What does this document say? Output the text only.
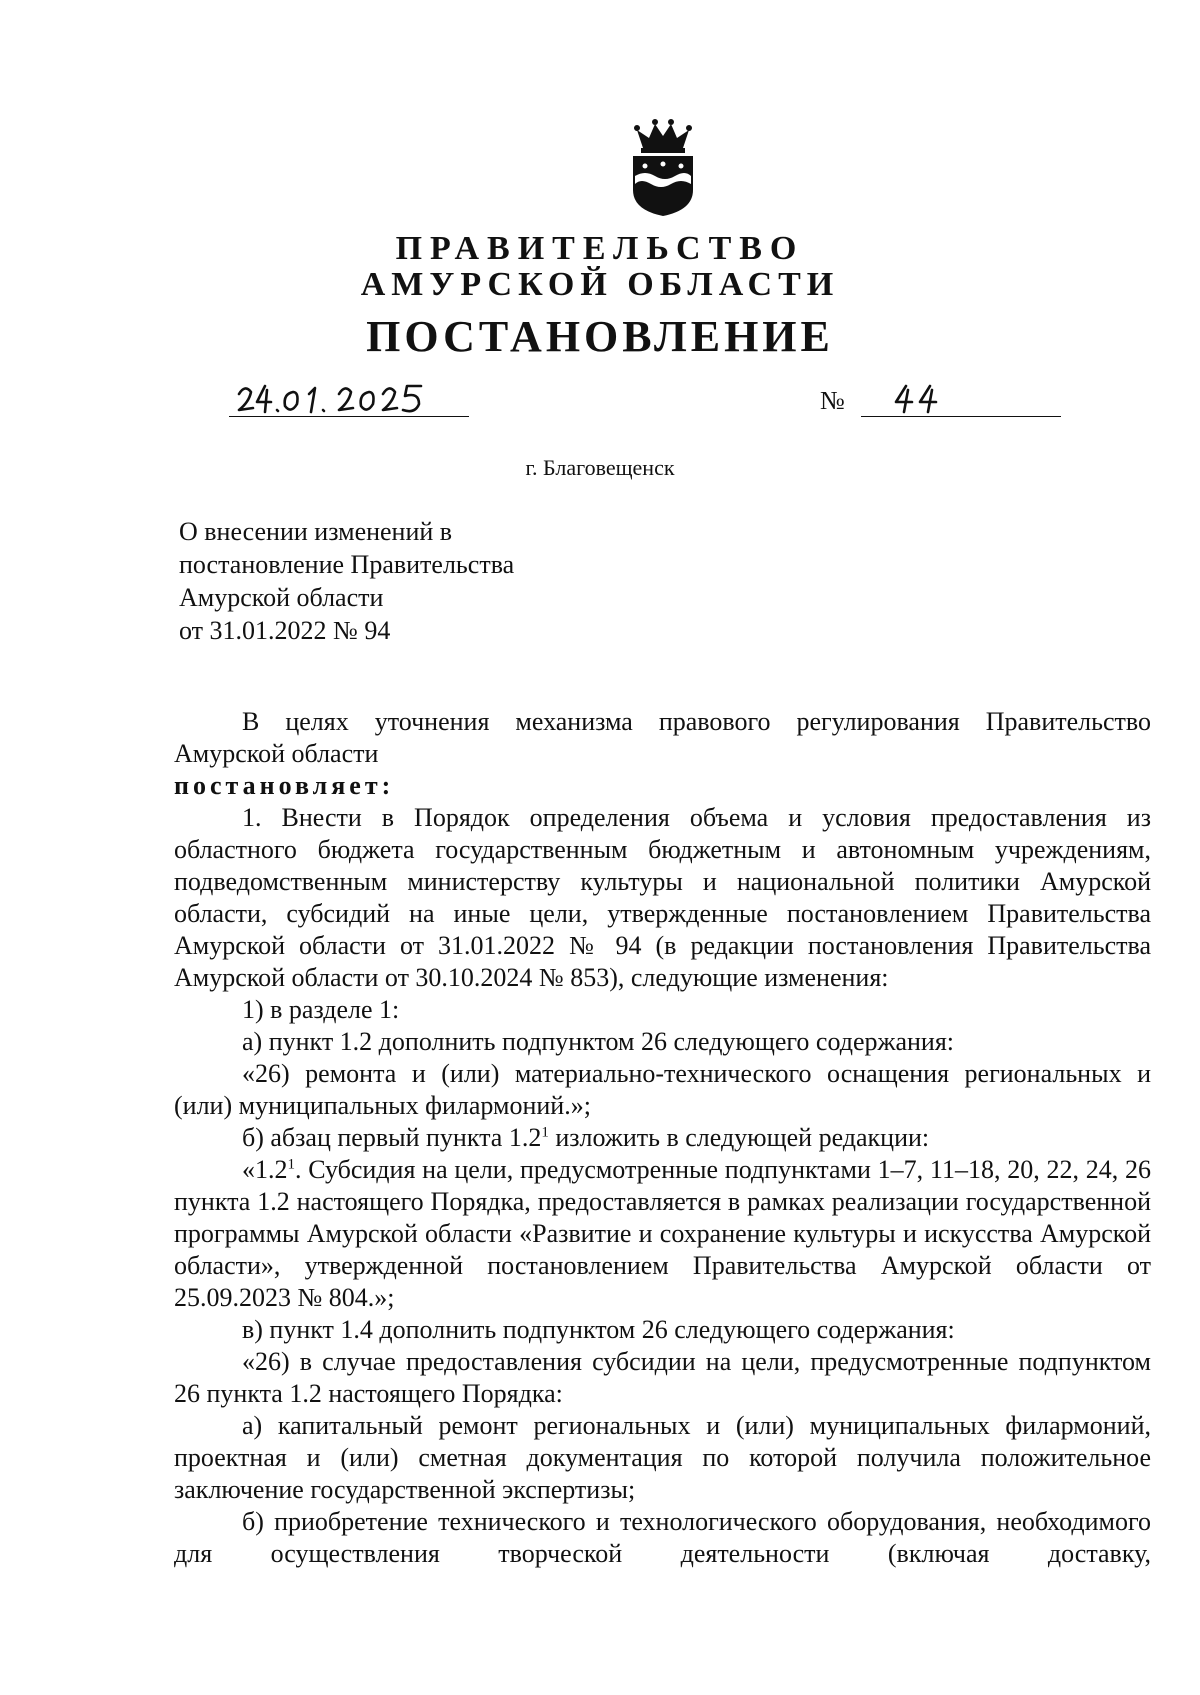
ПРАВИТЕЛЬСТВО
АМУРСКОЙ ОБЛАСТИ
ПОСТАНОВЛЕНИЕ
№
г. Благовещенск
О внесении изменений в
постановление Правительства
Амурской области
от 31.01.2022 № 94

В целях уточнения механизма правового регулирования Правительство Амурской области

постановляет:

1. Внести в Порядок определения объема и условия предоставления из областного бюджета государственным бюджетным и автономным учреждениям, подведомственным министерству культуры и национальной политики Амурской области, субсидий на иные цели, утвержденные постановлением Правительства Амурской области от 31.01.2022 № 94 (в редакции постановления Правительства Амурской области от 30.10.2024 № 853), следующие изменения:

1) в разделе 1:

а) пункт 1.2 дополнить подпунктом 26 следующего содержания:

«26) ремонта и (или) материально-технического оснащения региональных и (или) муниципальных филармоний.»;

б) абзац первый пункта $1.2^1$ изложить в следующей редакции:

«$1.2^1$. Субсидия на цели, предусмотренные подпунктами 1–7, 11–18, 20, 22, 24, 26 пункта 1.2 настоящего Порядка, предоставляется в рамках реализации государственной программы Амурской области «Развитие и сохранение культуры и искусства Амурской области», утвержденной постановлением Правительства Амурской области от 25.09.2023 № 804.»;

в) пункт 1.4 дополнить подпунктом 26 следующего содержания:

«26) в случае предоставления субсидии на цели, предусмотренные подпунктом 26 пункта 1.2 настоящего Порядка:

а) капитальный ремонт региональных и (или) муниципальных филармоний, проектная и (или) сметная документация по которой получила положительное заключение государственной экспертизы;

б) приобретение технического и технологического оборудования, необходимого для осуществления творческой деятельности (включая доставку,
